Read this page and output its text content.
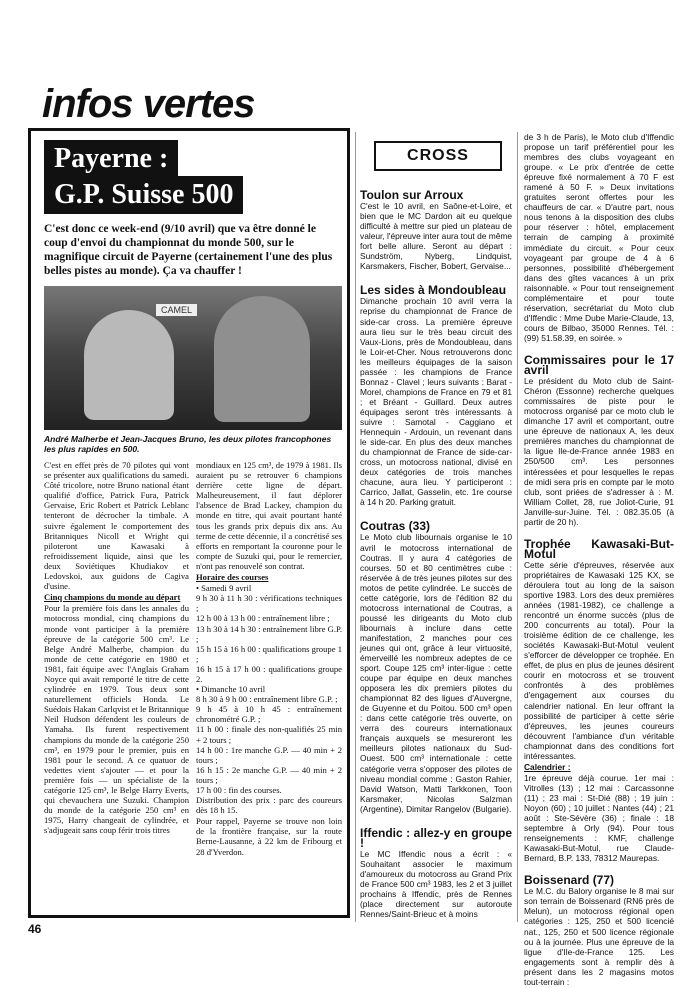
infos vertes
Payerne :
G.P. Suisse 500
C'est donc ce week-end (9/10 avril) que va être donné le coup d'envoi du championnat du monde 500, sur le magnifique circuit de Payerne (certainement l'une des plus belles pistes au monde). Ça va chauffer !
CAMEL
André Malherbe et Jean-Jacques Bruno, les deux pilotes francophones les plus rapides en 500.

C'est en effet près de 70 pilotes qui vont se présenter aux qualifications du samedi. Côté tricolore, notre Bruno national étant qualifié d'office, Patrick Fura, Patrick Gervaise, Eric Robert et Patrick Leblanc tenteront de décrocher la timbale. A suivre également le comportement des Britanniques Nicoll et Wright qui piloteront une Kawasaki à refroidissement liquide, ainsi que les deux Soviétiques Khudiakov et Ledovskoi, aux guidons de Cagiva d'usine.

Cinq champions du monde au départ

Pour la première fois dans les annales du motocross mondial, cinq champions du monde vont participer à la première épreuve de la catégorie 500 cm³. Le Belge André Malherbe, champion du monde de cette catégorie en 1980 et 1981, fait équipe avec l'Anglais Graham Noyce qui avait remporté le titre de cette cylindrée en 1979. Tous deux sont naturellement officiels Honda. Le Suédois Hakan Carlqvist et le Britannique Neil Hudson défendent les couleurs de Yamaha. Ils furent respectivement champions du monde de la catégorie 250 cm³, en 1979 pour le premier, puis en 1981 pour le second. A ce quatuor de vedettes vient s'ajouter — et pour la première fois — un spécialiste de la catégorie 125 cm³, le Belge Harry Everts, qui chevauchera une Suzuki. Champion du monde de la catégorie 250 cm³ en 1975, Harry changeait de cylindrée, et s'adjugeait sans coup férir trois titres

mondiaux en 125 cm³, de 1979 à 1981. Ils auraient pu se retrouver 6 champions derrière cette ligne de départ. Malheureusement, il faut déplorer l'absence de Brad Lackey, champion du monde en titre, qui avait pourtant hanté tous les grands prix depuis dix ans. Au terme de cette décennie, il a concrétisé ses efforts en remportant la couronne pour le compte de Suzuki qui, pour le remercier, n'ont pas renouvelé son contrat.

Horaire des courses

• Samedi 9 avril
9 h 30 à 11 h 30 : vérifications techniques ;
12 h 00 à 13 h 00 : entraînement libre ;
13 h 30 à 14 h 30 : entraînement libre G.P. ;
15 h 15 à 16 h 00 : qualifications groupe 1 ;
16 h 15 à 17 h 00 : qualifications groupe 2.
• Dimanche 10 avril
8 h 30 à 9 h 00 : entraînement libre G.P. ;
9 h 45 à 10 h 45 : entraînement chronométré G.P. ;
11 h 00 : finale des non-qualifiés 25 min + 2 tours ;
14 h 00 : 1re manche G.P. — 40 min + 2 tours ;
16 h 15 : 2e manche G.P. — 40 min + 2 tours ;
17 h 00 : fin des courses.

Distribution des prix : parc des coureurs dès 18 h 15.

Pour rappel, Payerne se trouve non loin de la frontière française, sur la route Berne-Lausanne, à 22 km de Fribourg et 28 d'Yverdon.

CROSS

Toulon sur Arroux

C'est le 10 avril, en Saône-et-Loire, et bien que le MC Dardon ait eu quelque difficulté à mettre sur pied un plateau de valeur, l'épreuve inter aura tout de même fort belle allure. Seront au départ : Sundström, Nyberg, Lindquist, Karsmakers, Fischer, Bobert, Gervaise...

Les sides à Mondoubleau

Dimanche prochain 10 avril verra la reprise du championnat de France de side-car cross. La première épreuve aura lieu sur le très beau circuit des Vaux-Lions, près de Mondoubleau, dans le Loir-et-Cher. Nous retrouverons donc les meilleurs équipages de la saison passée : les champions de France Bonnaz - Clavel ; leurs suivants : Barat - Morel, champions de France en 79 et 81 ; et Bréant - Guillard. Deux autres équipages seront très intéressants à suivre : Samotal - Caggiano et Hennequin - Ardouin, un revenant dans le side-car. En plus des deux manches du championnat de France de side-car-cross, un motocross national, divisé en deux catégories de trois manches chacune, aura lieu. Y participeront : Carrico, Jallat, Gasselin, etc. 1re course à 14 h 20. Parking gratuit.

Coutras (33)

Le Moto club libournais organise le 10 avril le motocross international de Coutras. Il y aura 4 catégories de courses. 50 et 80 centimètres cube : réservée à de très jeunes pilotes sur des motos de petite cylindrée. Le succès de cette catégorie, lors de l'édition 82 du motocross international de Coutras, a poussé les dirigeants du Moto club libournais à inclure dans cette manifestation, 2 manches pour ces jeunes qui ont, grâce à leur virtuosité, émerveillé les nombreux adeptes de ce sport. Coupe 125 cm³ inter-ligue : cette coupe par équipe en deux manches opposera les dix premiers pilotes du championnat 82 des ligues d'Auvergne, de Guyenne et du Poitou. 500 cm³ open : dans cette catégorie très ouverte, on verra des coureurs internationaux français auxquels se mesureront les meilleurs pilotes nationaux du Sud-Ouest. 500 cm³ internationale : cette catégorie verra s'opposer des pilotes de niveau mondial comme : Gaston Rahier, David Watson, Matti Tarkkonen, Toon Karsmaker, Nicolas Salzman (Argentine), Dimitar Rangelov (Bulgarie).

Iffendic : allez-y en groupe !

Le MC Iffendic nous a écrit : « Souhaitant associer le maximum d'amoureux du motocross au Grand Prix de France 500 cm³ 1983, les 2 et 3 juillet prochains à Iffendic, près de Rennes (place directement sur autoroute Rennes/Saint-Brieuc et à moins

de 3 h de Paris), le Moto club d'Iffendic propose un tarif préférentiel pour les membres des clubs voyageant en groupe. « Le prix d'entrée de cette épreuve fixé normalement à 70 F est ramené à 50 F. » Deux invitations gratuites seront offertes pour les chauffeurs de car. « D'autre part, nous nous tenons à la disposition des clubs pour réserver : hôtel, emplacement terrain de camping à proximité immédiate du circuit. « Pour ceux voyageant par groupe de 4 à 6 personnes, possibilité d'hébergement dans des gîtes vacances à un prix raisonnable. « Pour tout renseignement complémentaire et pour toute réservation, secrétariat du Moto club d'Iffendic : Mme Dube Marie-Claude, 13, cours de Bilbao, 35000 Rennes. Tél. : (99) 51.58.39, en soirée. »

Commissaires pour le 17 avril

Le président du Moto club de Saint-Chéron (Essonne) recherche quelques commissaires de piste pour le motocross organisé par ce moto club le dimanche 17 avril et comportant, outre une épreuve de nationaux A, les deux premières manches du championnat de la ligue Ile-de-France année 1983 en 250/500 cm³. Les personnes intéressées et pour lesquelles le repas de midi sera pris en compte par le moto club, sont priées de s'adresser à : M. William Collet, 28, rue Joliot-Curie, 91 Janville-sur-Juine. Tél. : 082.35.05 (à partir de 20 h).

Trophée Kawasaki-But-Motul

Cette série d'épreuves, réservée aux propriétaires de Kawasaki 125 KX, se déroulera tout au long de la saison sportive 1983. Lors des deux premières années (1981-1982), ce challenge a rencontré un énorme succès (plus de 200 concurrents au total). Pour la troisième édition de ce challenge, les sociétés Kawasaki-But-Motul veulent s'efforcer de développer ce trophée. En effet, de plus en plus de jeunes désirent courir en motocross et se trouvent confrontés à des problèmes d'engagement aux courses du calendrier national. En leur offrant la possibilité de participer à cette série d'épreuves, les jeunes coureurs découvrent l'ambiance d'un véritable championnat dans des conditions fort intéressantes.

Calendrier :

1re épreuve déjà courue. 1er mai : Vitrolles (13) ; 12 mai : Carcassonne (11) ; 23 mai : St-Dié (88) ; 19 juin : Noyon (60) ; 10 juillet : Nantes (44) ; 21 août : Ste-Sévère (36) ; finale : 18 septembre à Orly (94). Pour tous renseignements : KMF, challenge Kawasaki-But-Motul, rue Claude-Bernard, B.P. 133, 78312 Maurepas.

Boissenard (77)

Le M.C. du Balory organise le 8 mai sur son terrain de Boissenard (RN6 près de Melun), un motocross régional open catégories : 125, 250 et 500 licencié nat., 125, 250 et 500 licence régionale ou à la journée. Plus une épreuve de la ligue d'Ile-de-France 125. Les engagements sont à remplir dès à présent dans les 2 magasins motos tout-terrain :

46
